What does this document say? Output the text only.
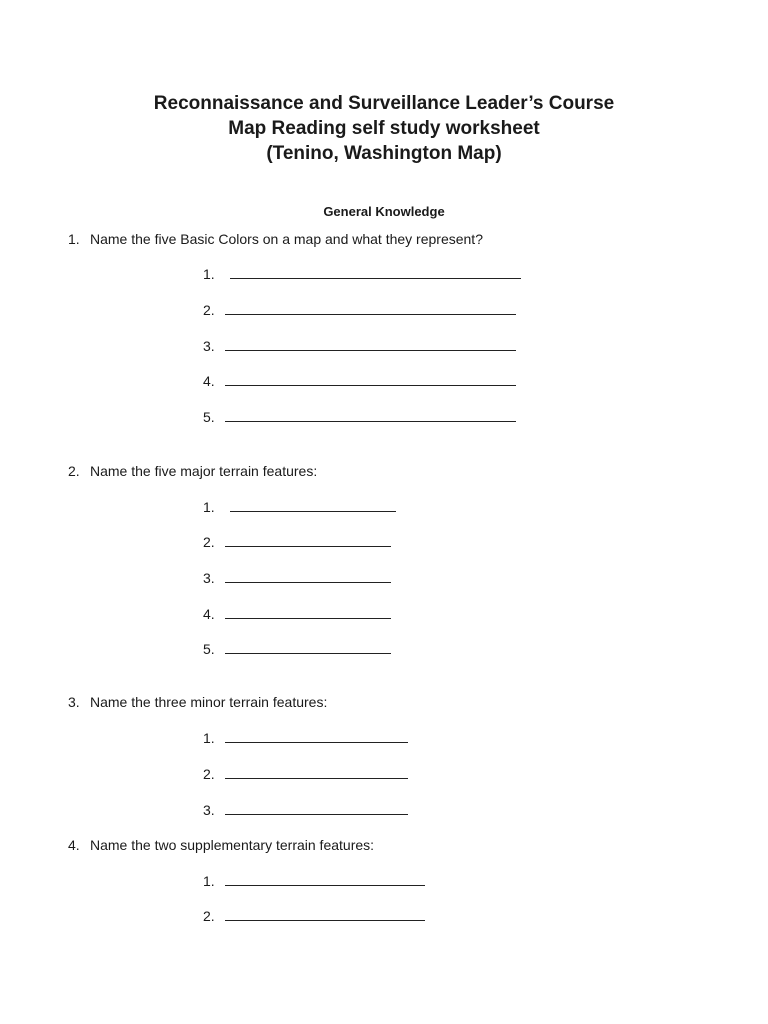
Reconnaissance and Surveillance Leader’s Course
Map Reading self study worksheet
(Tenino, Washington Map)
General Knowledge
1. Name the five Basic Colors on a map and what they represent?
1.
2.
3.
4.
5.
2. Name the five major terrain features:
1.
2.
3.
4.
5.
3. Name the three minor terrain features:
1.
2.
3.
4. Name the two supplementary terrain features:
1.
2.
